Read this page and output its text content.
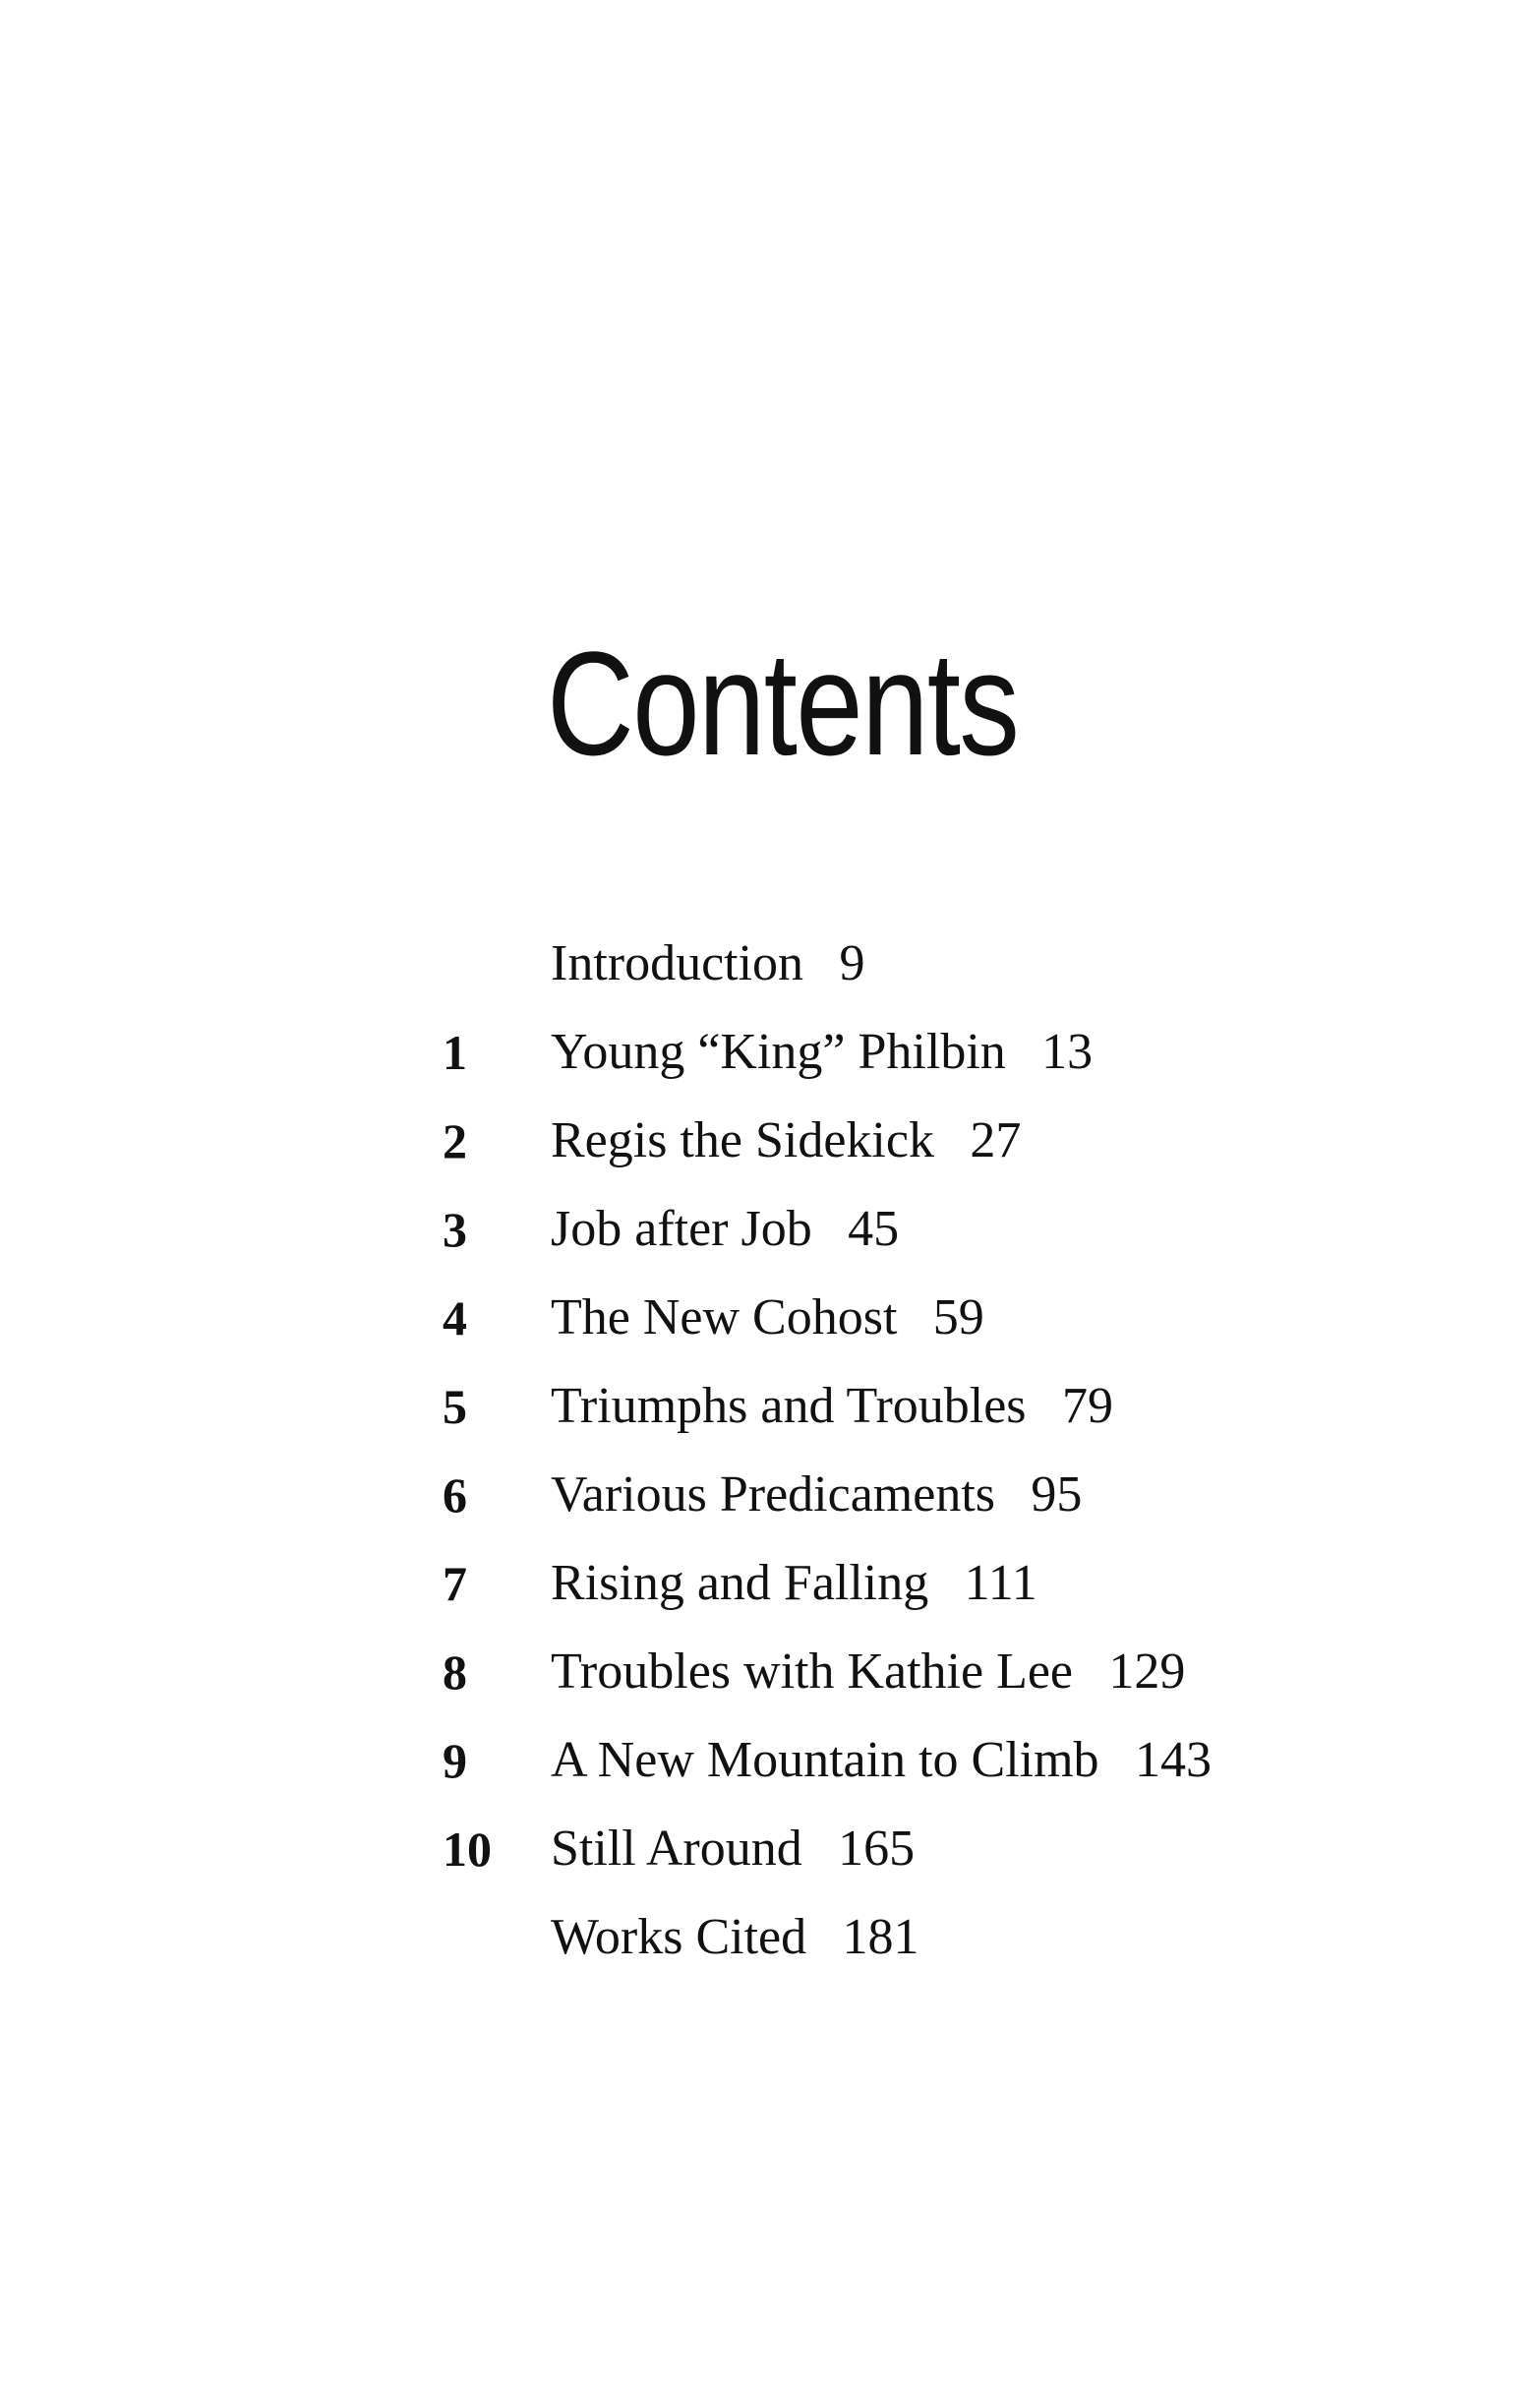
Contents
Introduction 9
1 Young “King” Philbin 13
2 Regis the Sidekick 27
3 Job after Job 45
4 The New Cohost 59
5 Triumphs and Troubles 79
6 Various Predicaments 95
7 Rising and Falling 111
8 Troubles with Kathie Lee 129
9 A New Mountain to Climb 143
10 Still Around 165
Works Cited 181
